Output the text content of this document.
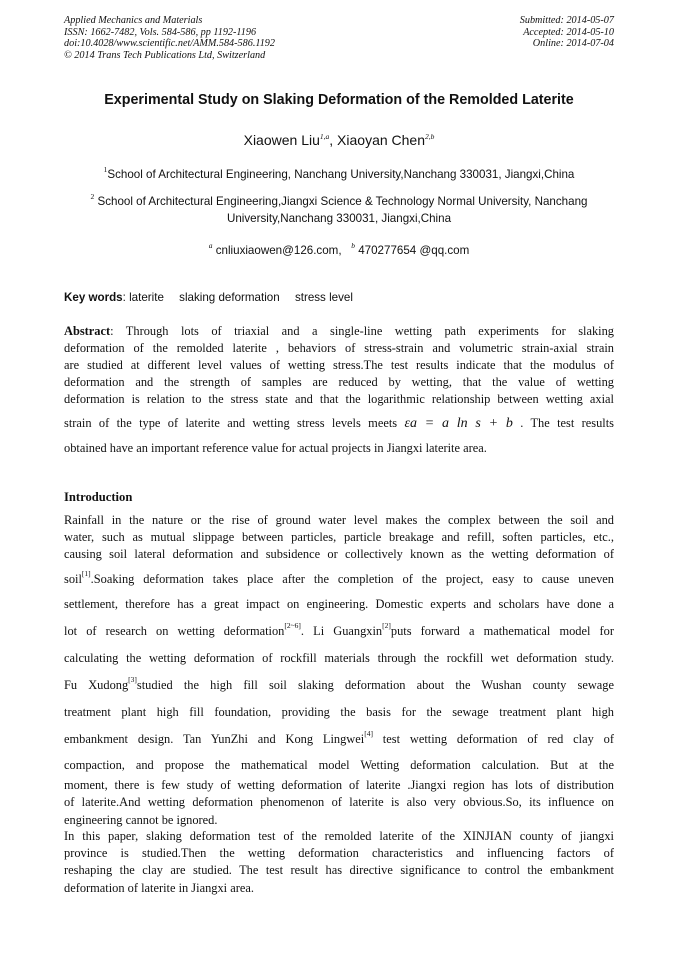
Applied Mechanics and Materials
ISSN: 1662-7482, Vols. 584-586, pp 1192-1196
doi:10.4028/www.scientific.net/AMM.584-586.1192
© 2014 Trans Tech Publications Ltd, Switzerland
Submitted: 2014-05-07
Accepted: 2014-05-10
Online: 2014-07-04
Experimental Study on Slaking Deformation of the Remolded Laterite
Xiaowen Liu$^{1,a}$, Xiaoyan Chen$^{2,b}$
$^1$School of Architectural Engineering, Nanchang University,Nanchang 330031, Jiangxi,China
$^2$ School of Architectural Engineering,Jiangxi Science & Technology Normal University, Nanchang
University,Nanchang 330031, Jiangxi,China
$^a$ cnliuxiaowen@126.com, $^b$ 470277654 @qq.com
Key words: laterite slaking deformation stress level
Abstract: Through lots of triaxial and a single-line wetting path experiments for slaking
deformation of the remolded laterite , behaviors of stress-strain and volumetric strain-axial strain
are studied at different level values of wetting stress.The test results indicate that the modulus of
deformation and the strength of samples are reduced by wetting, that the value of wetting
deformation is relation to the stress state and that the logarithmic relationship between wetting axial
strain of the type of laterite and wetting stress levels meets εa = a ln s + b . The test results
obtained have an important reference value for actual projects in Jiangxi laterite area.
Introduction
Rainfall in the nature or the rise of ground water level makes the complex between the soil and
water, such as mutual slippage between particles, particle breakage and refill, soften particles, etc.,
causing soil lateral deformation and subsidence or collectively known as the wetting deformation of
soil[1].Soaking deformation takes place after the completion of the project, easy to cause uneven
settlement, therefore has a great impact on engineering. Domestic experts and scholars have done a
lot of research on wetting deformation[2~6]. Li Guangxin[2]puts forward a mathematical model for
calculating the wetting deformation of rockfill materials through the rockfill wet deformation study.
Fu Xudong[3]studied the high fill soil slaking deformation about the Wushan county sewage
treatment plant high fill foundation, providing the basis for the sewage treatment plant high
embankment design. Tan YunZhi and Kong Lingwei[4] test wetting deformation of red clay of
compaction, and propose the mathematical model Wetting deformation calculation. But at the
moment, there is few study of wetting deformation of laterite .Jiangxi region has lots of distribution
of laterite.And wetting deformation phenomenon of laterite is also very obvious.So, its influence on
engineering cannot be ignored.
In this paper, slaking deformation test of the remolded laterite of the XINJIAN county of jiangxi
province is studied.Then the wetting deformation characteristics and influencing factors of
reshaping the clay are studied. The test result has directive significance to control the embankment
deformation of laterite in Jiangxi area.
